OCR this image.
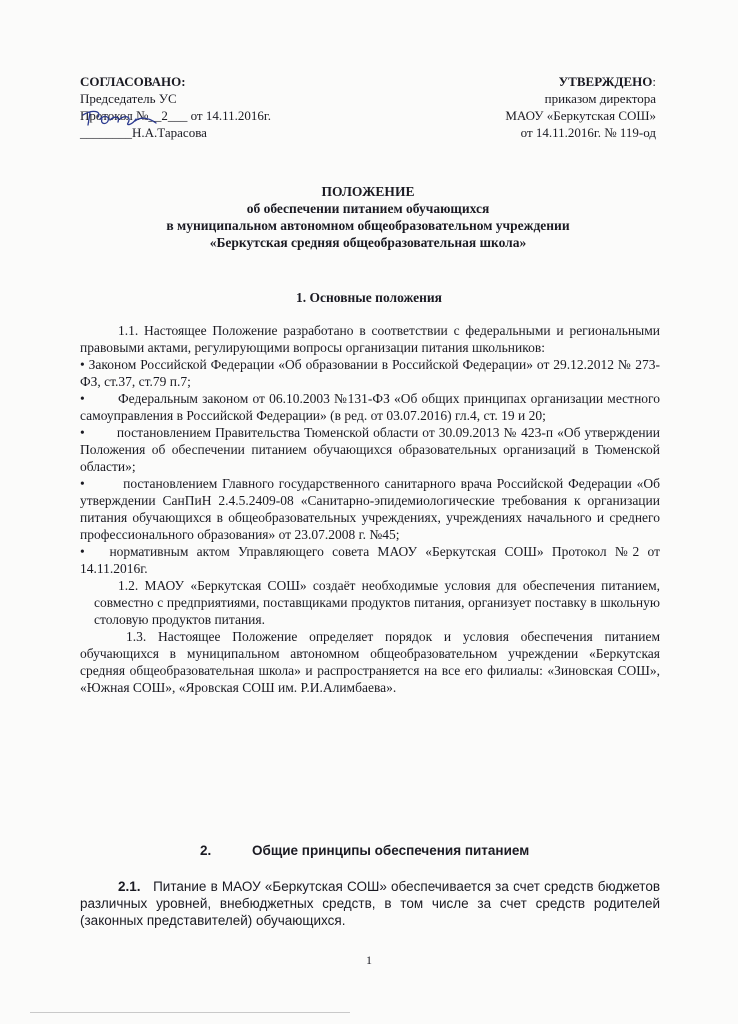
СОГЛАСОВАНО:
Председатель УС
Протокол №__2___ от 14.11.2016г.
________Н.А.Тарасова
УТВЕРЖДЕНО:
приказом директора
МАОУ «Беркутская СОШ»
от 14.11.2016г. № 119-од
ПОЛОЖЕНИЕ
об обеспечении питанием обучающихся
в муниципальном автономном общеобразовательном учреждении
«Беркутская средняя общеобразовательная школа»
1. Основные положения

1.1. Настоящее Положение разработано в соответствии с федеральными и региональными правовыми актами, регулирующими вопросы организации питания школьников:

• Законом Российской Федерации «Об образовании в Российской Федерации» от 29.12.2012 № 273-ФЗ, ст.37, ст.79 п.7;

•        Федеральным законом от 06.10.2003 №131-ФЗ «Об общих принципах организации местного самоуправления в Российской Федерации» (в ред. от 03.07.2016) гл.4, ст. 19 и 20;

•        постановлением Правительства Тюменской области от 30.09.2013 № 423-п «Об утверждении Положения об обеспечении питанием обучающихся образовательных организаций в Тюменской области»;

•        постановлением Главного государственного санитарного врача Российской Федерации «Об утверждении СанПиН 2.4.5.2409-08 «Санитарно-эпидемиологические требования к организации питания обучающихся в общеобразовательных учреждениях, учреждениях начального и среднего профессионального образования» от 23.07.2008 г. №45;

•   нормативным актом Управляющего совета МАОУ «Беркутская СОШ» Протокол №2 от 14.11.2016г.

1.2. МАОУ «Беркутская СОШ» создаёт необходимые условия для обеспечения питанием, совместно с предприятиями, поставщиками продуктов питания, организует поставку в школьную столовую продуктов питания.

1.3. Настоящее Положение определяет порядок и условия обеспечения питанием обучающихся в муниципальном автономном общеобразовательном учреждении «Беркутская средняя общеобразовательная школа» и распространяется на все его филиалы: «Зиновская СОШ», «Южная СОШ», «Яровская СОШ им. Р.И.Алимбаева».

2.	Общие принципы обеспечения питанием
2.1. Питание в МАОУ «Беркутская СОШ» обеспечивается за счет средств бюджетов различных уровней, внебюджетных средств, в том числе за счет средств родителей (законных представителей) обучающихся.
1
